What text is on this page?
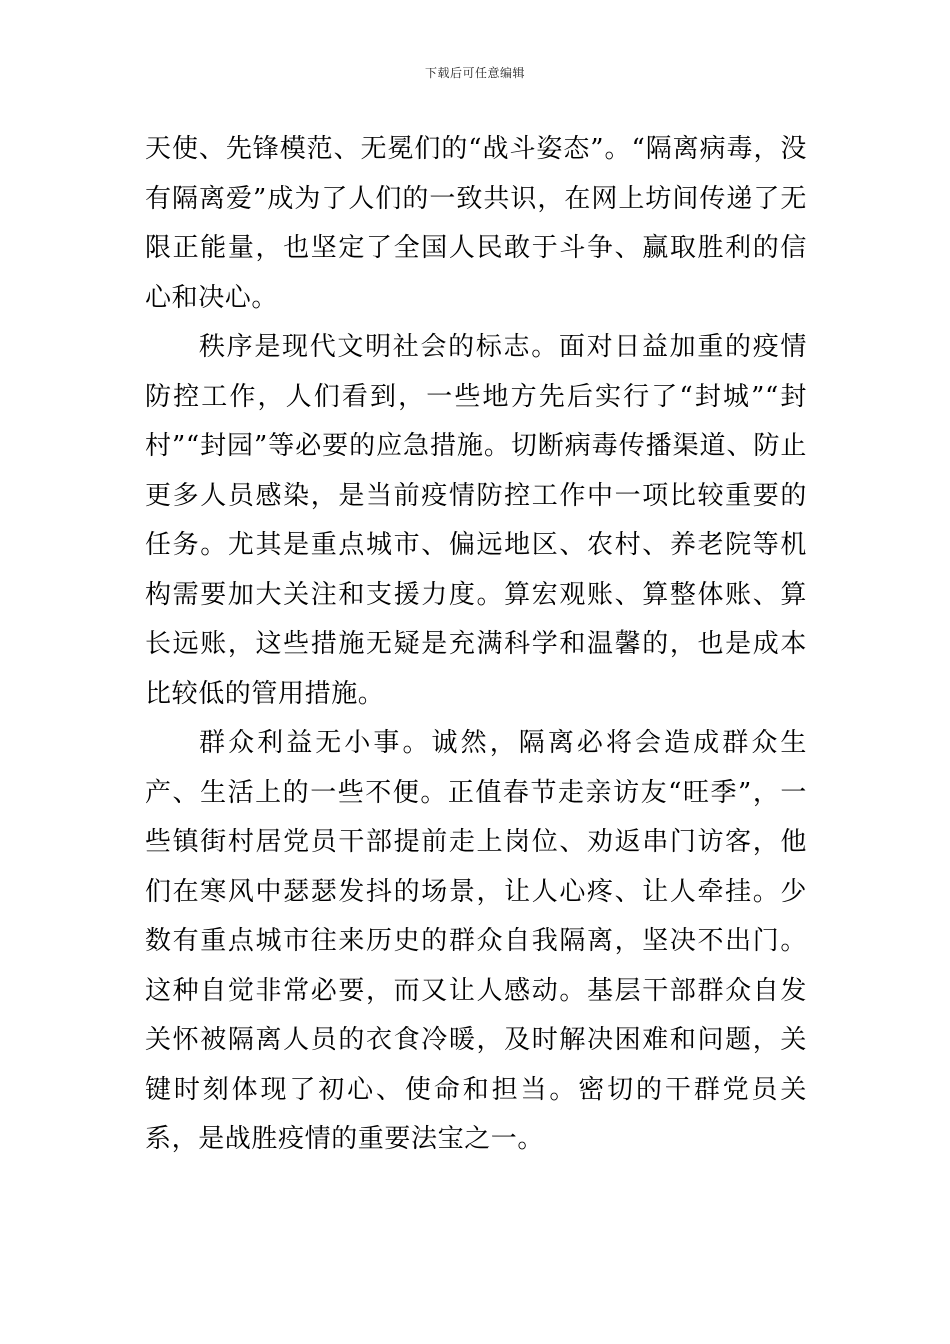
下载后可任意编辑

天使、先锋模范、无冕们的“战斗姿态”。“隔离病毒，没有隔离爱”成为了人们的一致共识，在网上坊间传递了无限正能量，也坚定了全国人民敢于斗争、赢取胜利的信心和决心。

秩序是现代文明社会的标志。面对日益加重的疫情防控工作，人们看到，一些地方先后实行了“封城”“封村”“封园”等必要的应急措施。切断病毒传播渠道、防止更多人员感染，是当前疫情防控工作中一项比较重要的任务。尤其是重点城市、偏远地区、农村、养老院等机构需要加大关注和支援力度。算宏观账、算整体账、算长远账，这些措施无疑是充满科学和温馨的，也是成本比较低的管用措施。

群众利益无小事。诚然，隔离必将会造成群众生产、生活上的一些不便。正值春节走亲访友“旺季”，一些镇街村居党员干部提前走上岗位、劝返串门访客，他们在寒风中瑟瑟发抖的场景，让人心疼、让人牵挂。少数有重点城市往来历史的群众自我隔离，坚决不出门。这种自觉非常必要，而又让人感动。基层干部群众自发关怀被隔离人员的衣食冷暖，及时解决困难和问题，关键时刻体现了初心、使命和担当。密切的干群党员关系，是战胜疫情的重要法宝之一。
